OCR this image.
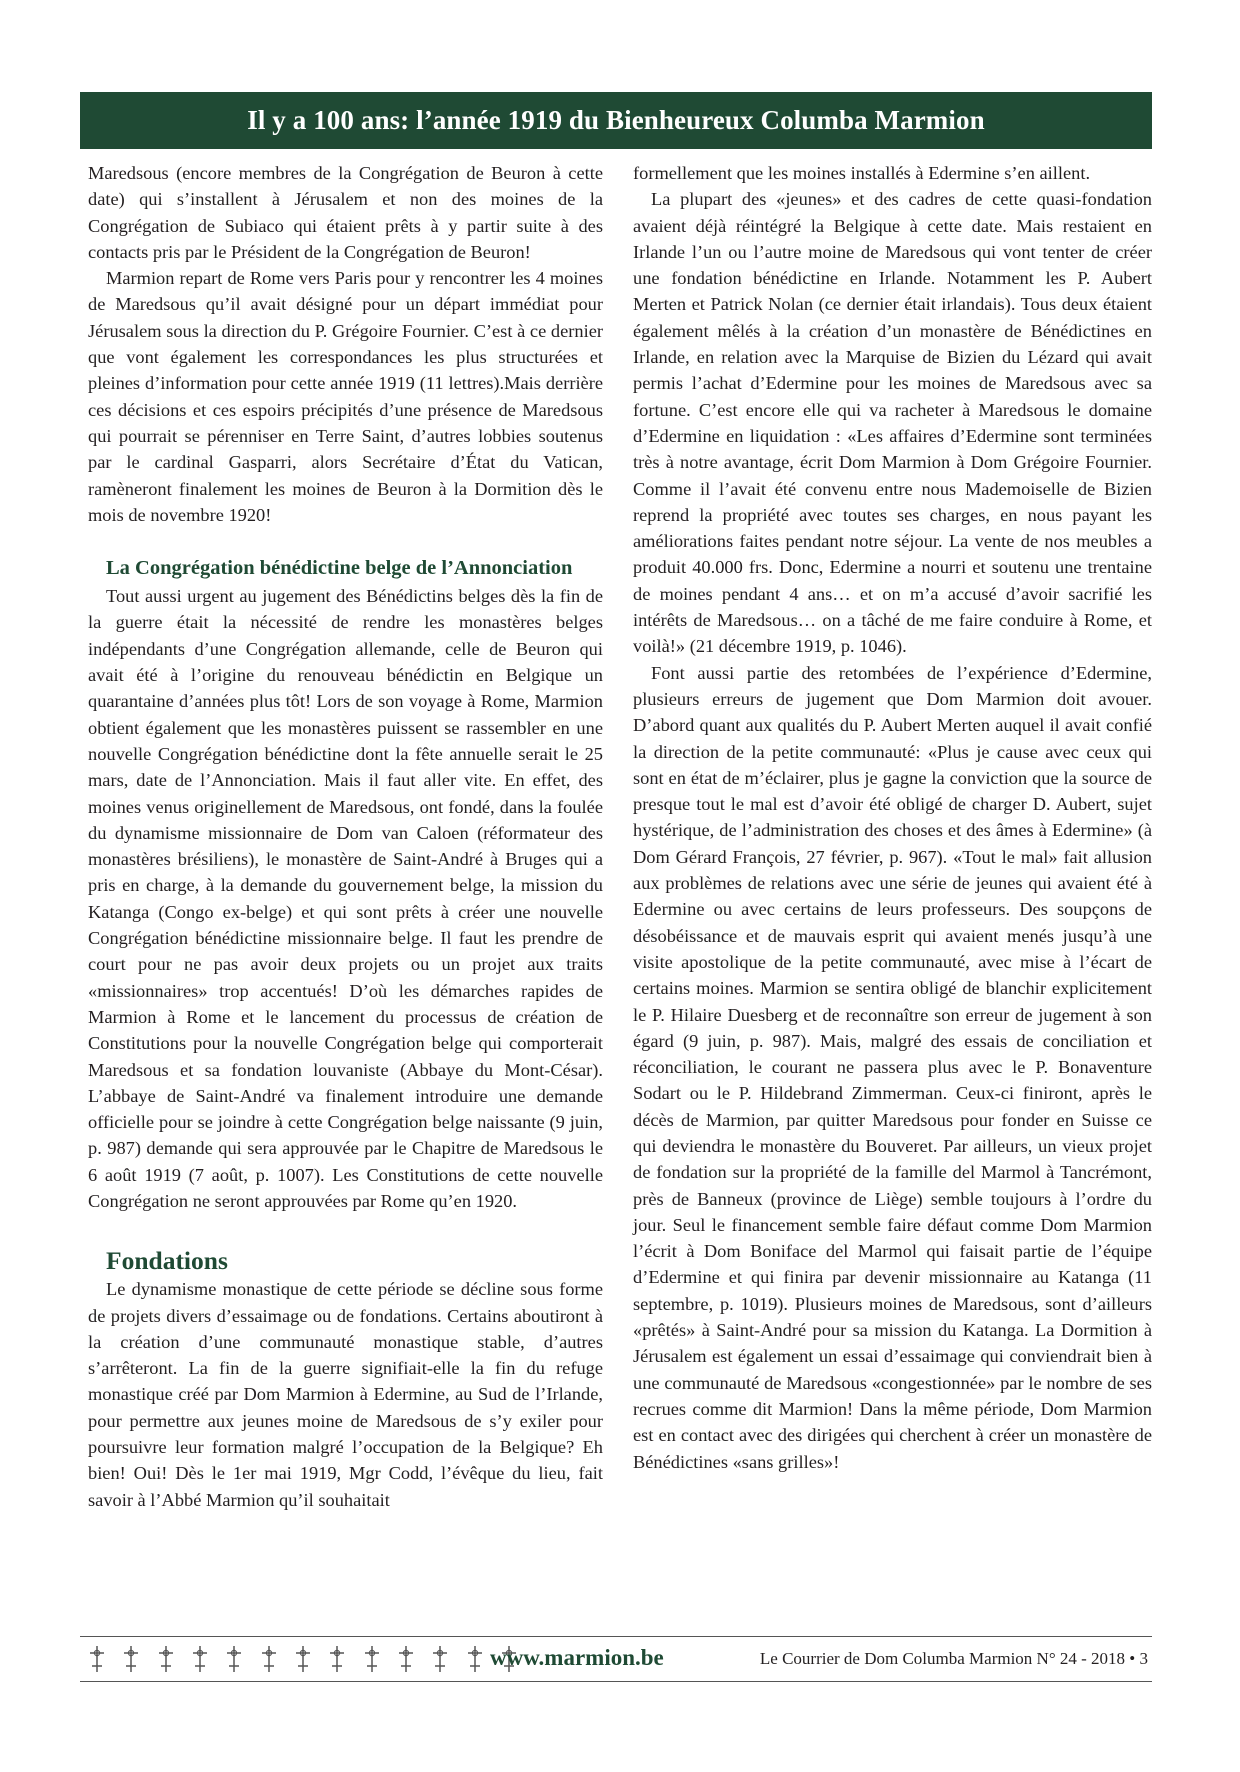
Il y a 100 ans: l’année 1919 du Bienheureux Columba Marmion

Maredsous (encore membres de la Congrégation de Beuron à cette date) qui s’installent à Jérusalem et non des moines de la Congrégation de Subiaco qui étaient prêts à y partir suite à des contacts pris par le Président de la Congrégation de Beuron!

Marmion repart de Rome vers Paris pour y rencontrer les 4 moines de Maredsous qu’il avait désigné pour un départ immédiat pour Jérusalem sous la direction du P. Grégoire Fournier. C’est à ce dernier que vont également les correspondances les plus structurées et pleines d’information pour cette année 1919 (11 lettres).Mais derrière ces décisions et ces espoirs précipités d’une présence de Maredsous qui pourrait se pérenniser en Terre Saint, d’autres lobbies soutenus par le cardinal Gasparri, alors Secrétaire d’État du Vatican, ramèneront finalement les moines de Beuron à la Dormition dès le mois de novembre 1920!

La Congrégation bénédictine belge de l’Annonciation

Tout aussi urgent au jugement des Bénédictins belges dès la fin de la guerre était la nécessité de rendre les monastères belges indépendants d’une Congrégation allemande, celle de Beuron qui avait été à l’origine du renouveau bénédictin en Belgique un quarantaine d’années plus tôt! Lors de son voyage à Rome, Marmion obtient également que les monastères puissent se rassembler en une nouvelle Congrégation bénédictine dont la fête annuelle serait le 25 mars, date de l’Annonciation. Mais il faut aller vite. En effet, des moines venus originellement de Maredsous, ont fondé, dans la foulée du dynamisme missionnaire de Dom van Caloen (réformateur des monastères brésiliens), le monastère de Saint-André à Bruges qui a pris en charge, à la demande du gouvernement belge, la mission du Katanga (Congo ex-belge) et qui sont prêts à créer une nouvelle Congrégation bénédictine missionnaire belge. Il faut les prendre de court pour ne pas avoir deux projets ou un projet aux traits «missionnaires» trop accentués! D’où les démarches rapides de Marmion à Rome et le lancement du processus de création de Constitutions pour la nouvelle Congrégation belge qui comporterait Maredsous et sa fondation louvaniste (Abbaye du Mont-César). L’abbaye de Saint-André va finalement introduire une demande officielle pour se joindre à cette Congrégation belge naissante (9 juin, p. 987) demande qui sera approuvée par le Chapitre de Maredsous le 6 août 1919 (7 août, p. 1007). Les Constitutions de cette nouvelle Congrégation ne seront approuvées par Rome qu’en 1920.

Fondations

Le dynamisme monastique de cette période se décline sous forme de projets divers d’essaimage ou de fondations. Certains aboutiront à la création d’une communauté monastique stable, d’autres s’arrêteront. La fin de la guerre signifiait-elle la fin du refuge monastique créé par Dom Marmion à Edermine, au Sud de l’Irlande, pour permettre aux jeunes moine de Maredsous de s’y exiler pour poursuivre leur formation malgré l’occupation de la Belgique? Eh bien! Oui! Dès le 1er mai 1919, Mgr Codd, l’évêque du lieu, fait savoir à l’Abbé Marmion qu’il souhaitait

formellement que les moines installés à Edermine s’en aillent.

La plupart des «jeunes» et des cadres de cette quasi-fondation avaient déjà réintégré la Belgique à cette date. Mais restaient en Irlande l’un ou l’autre moine de Maredsous qui vont tenter de créer une fondation bénédictine en Irlande. Notamment les P. Aubert Merten et Patrick Nolan (ce dernier était irlandais). Tous deux étaient également mêlés à la création d’un monastère de Bénédictines en Irlande, en relation avec la Marquise de Bizien du Lézard qui avait permis l’achat d’Edermine pour les moines de Maredsous avec sa fortune. C’est encore elle qui va racheter à Maredsous le domaine d’Edermine en liquidation : «Les affaires d’Edermine sont terminées très à notre avantage, écrit Dom Marmion à Dom Grégoire Fournier. Comme il l’avait été convenu entre nous Mademoiselle de Bizien reprend la propriété avec toutes ses charges, en nous payant les améliorations faites pendant notre séjour. La vente de nos meubles a produit 40.000 frs. Donc, Edermine a nourri et soutenu une trentaine de moines pendant 4 ans… et on m’a accusé d’avoir sacrifié les intérêts de Maredsous… on a tâché de me faire conduire à Rome, et voilà!» (21 décembre 1919, p. 1046).

Font aussi partie des retombées de l’expérience d’Edermine, plusieurs erreurs de jugement que Dom Marmion doit avouer. D’abord quant aux qualités du P. Aubert Merten auquel il avait confié la direction de la petite communauté: «Plus je cause avec ceux qui sont en état de m’éclairer, plus je gagne la conviction que la source de presque tout le mal est d’avoir été obligé de charger D. Aubert, sujet hystérique, de l’administration des choses et des âmes à Edermine» (à Dom Gérard François, 27 février, p. 967). «Tout le mal» fait allusion aux problèmes de relations avec une série de jeunes qui avaient été à Edermine ou avec certains de leurs professeurs. Des soupçons de désobéissance et de mauvais esprit qui avaient menés jusqu’à une visite apostolique de la petite communauté, avec mise à l’écart de certains moines. Marmion se sentira obligé de blanchir explicitement le P. Hilaire Duesberg et de reconnaître son erreur de jugement à son égard (9 juin, p. 987). Mais, malgré des essais de conciliation et réconciliation, le courant ne passera plus avec le P. Bonaventure Sodart ou le P. Hildebrand Zimmerman. Ceux-ci finiront, après le décès de Marmion, par quitter Maredsous pour fonder en Suisse ce qui deviendra le monastère du Bouveret. Par ailleurs, un vieux projet de fondation sur la propriété de la famille del Marmol à Tancrémont, près de Banneux (province de Liège) semble toujours à l’ordre du jour. Seul le financement semble faire défaut comme Dom Marmion l’écrit à Dom Boniface del Marmol qui faisait partie de l’équipe d’Edermine et qui finira par devenir missionnaire au Katanga (11 septembre, p. 1019). Plusieurs moines de Maredsous, sont d’ailleurs «prêtés» à Saint-André pour sa mission du Katanga. La Dormition à Jérusalem est également un essai d’essaimage qui conviendrait bien à une communauté de Maredsous «congestionnée» par le nombre de ses recrues comme dit Marmion! Dans la même période, Dom Marmion est en contact avec des dirigées qui cherchent à créer un monastère de Bénédictines «sans grilles»!

www.marmion.be	Le Courrier de Dom Columba Marmion N° 24 - 2018 • 3
